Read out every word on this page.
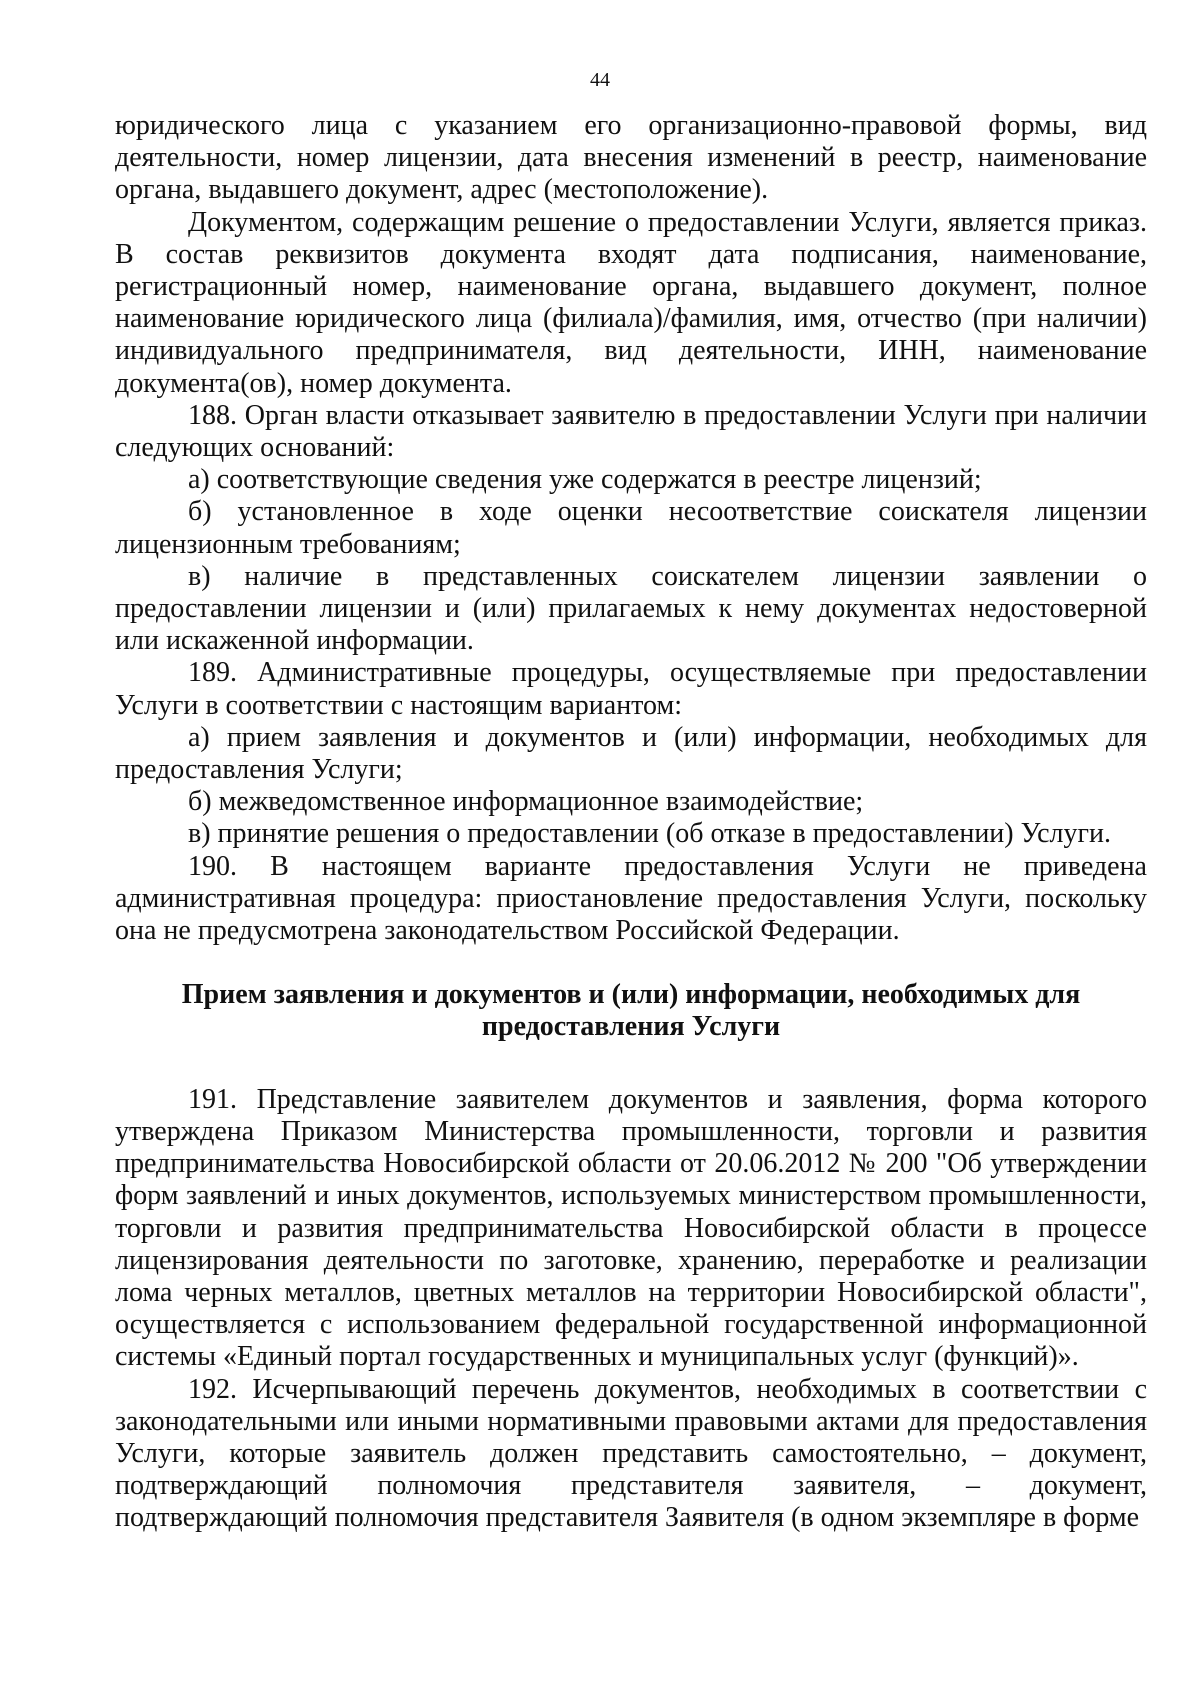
44

юридического лица с указанием его организационно-правовой формы, вид деятельности, номер лицензии, дата внесения изменений в реестр, наименование органа, выдавшего документ, адрес (местоположение).

Документом, содержащим решение о предоставлении Услуги, является приказ. В состав реквизитов документа входят дата подписания, наименование, регистрационный номер, наименование органа, выдавшего документ, полное наименование юридического лица (филиала)/фамилия, имя, отчество (при наличии) индивидуального предпринимателя, вид деятельности, ИНН, наименование документа(ов), номер документа.

188. Орган власти отказывает заявителю в предоставлении Услуги при наличии следующих оснований:

а) соответствующие сведения уже содержатся в реестре лицензий;

б) установленное в ходе оценки несоответствие соискателя лицензии лицензионным требованиям;

в) наличие в представленных соискателем лицензии заявлении о предоставлении лицензии и (или) прилагаемых к нему документах недостоверной или искаженной информации.

189. Административные процедуры, осуществляемые при предоставлении Услуги в соответствии с настоящим вариантом:

а) прием заявления и документов и (или) информации, необходимых для предоставления Услуги;

б) межведомственное информационное взаимодействие;

в) принятие решения о предоставлении (об отказе в предоставлении) Услуги.

190. В настоящем варианте предоставления Услуги не приведена административная процедура: приостановление предоставления Услуги, поскольку она не предусмотрена законодательством Российской Федерации.

Прием заявления и документов и (или) информации, необходимых для
предоставления Услуги

191. Представление заявителем документов и заявления, форма которого утверждена Приказом Министерства промышленности, торговли и развития предпринимательства Новосибирской области от 20.06.2012 № 200 "Об утверждении форм заявлений и иных документов, используемых министерством промышленности, торговли и развития предпринимательства Новосибирской области в процессе лицензирования деятельности по заготовке, хранению, переработке и реализации лома черных металлов, цветных металлов на территории Новосибирской области", осуществляется с использованием федеральной государственной информационной системы «Единый портал государственных и муниципальных услуг (функций)».

192. Исчерпывающий перечень документов, необходимых в соответствии с законодательными или иными нормативными правовыми актами для предоставления Услуги, которые заявитель должен представить самостоятельно, – документ, подтверждающий полномочия представителя заявителя, – документ, подтверждающий полномочия представителя Заявителя (в одном экземпляре в форме
